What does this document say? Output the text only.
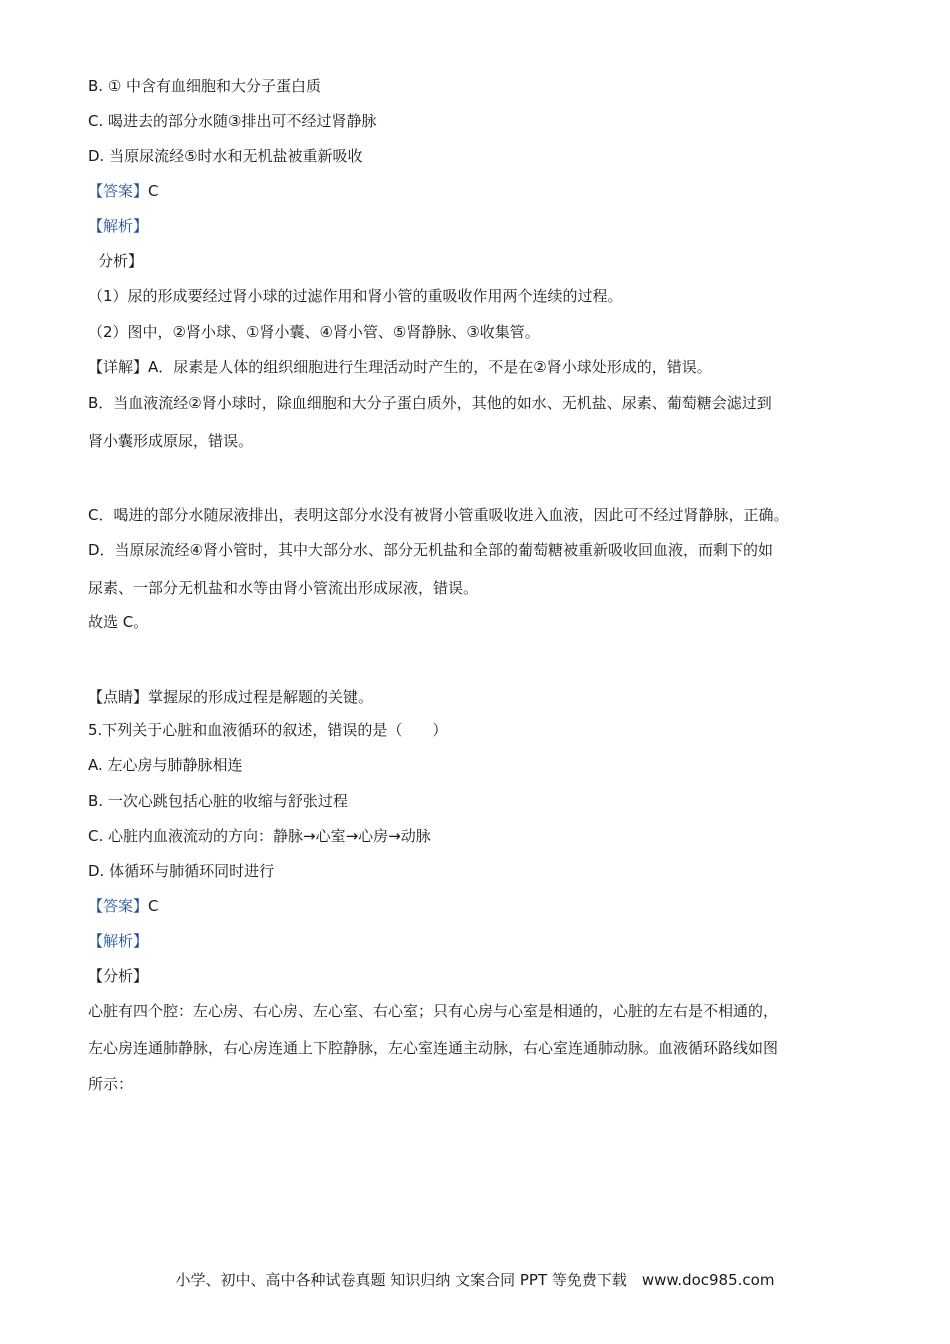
B. ① 中含有血细胞和大分子蛋白质
C. 喝进去的部分水随③排出可不经过肾静脉
D. 当原尿流经⑤时水和无机盐被重新吸收
【答案】C
【解析】
分析】
（1）尿的形成要经过肾小球的过滤作用和肾小管的重吸收作用两个连续的过程。
（2）图中，②肾小球、①肾小囊、④肾小管、⑤肾静脉、③收集管。
【详解】A．尿素是人体的组织细胞进行生理活动时产生的，不是在②肾小球处形成的，错误。
B．当血液流经②肾小球时，除血细胞和大分子蛋白质外，其他的如水、无机盐、尿素、葡萄糖会滤过到
肾小囊形成原尿，错误。
C．喝进的部分水随尿液排出，表明这部分水没有被肾小管重吸收进入血液，因此可不经过肾静脉，正确。
D．当原尿流经④肾小管时，其中大部分水、部分无机盐和全部的葡萄糖被重新吸收回血液，而剩下的如
尿素、一部分无机盐和水等由肾小管流出形成尿液，错误。
故选 C。
【点睛】掌握尿的形成过程是解题的关键。
5.下列关于心脏和血液循环的叙述，错误的是（　　）
A. 左心房与肺静脉相连
B. 一次心跳包括心脏的收缩与舒张过程
C. 心脏内血液流动的方向：静脉→心室→心房→动脉
D. 体循环与肺循环同时进行
【答案】C
【解析】
【分析】
心脏有四个腔：左心房、右心房、左心室、右心室；只有心房与心室是相通的，心脏的左右是不相通的，
左心房连通肺静脉，右心房连通上下腔静脉，左心室连通主动脉，右心室连通肺动脉。血液循环路线如图
所示：
小学、初中、高中各种试卷真题 知识归纳 文案合同 PPT 等免费下载　www.doc985.com
